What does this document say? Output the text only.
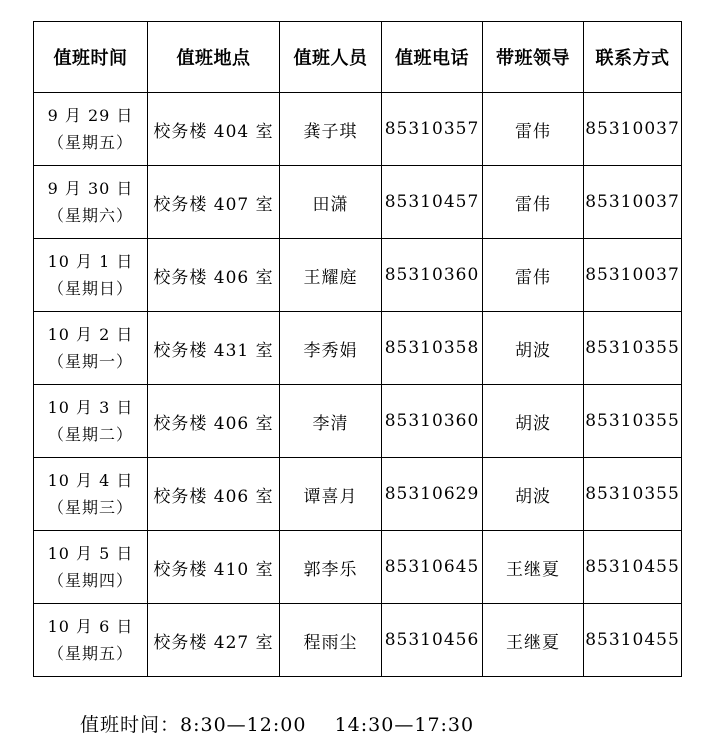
值班时间	值班地点	值班人员	值班电话	带班领导	联系方式

9 月 29 日
（星期五）	校务楼 404 室	龚子琪	85310357	雷伟	85310037

9 月 30 日
（星期六）	校务楼 407 室	田潇	85310457	雷伟	85310037

10 月 1 日
（星期日）	校务楼 406 室	王耀庭	85310360	雷伟	85310037

10 月 2 日
（星期一）	校务楼 431 室	李秀娟	85310358	胡波	85310355

10 月 3 日
（星期二）	校务楼 406 室	李清	85310360	胡波	85310355

10 月 4 日
（星期三）	校务楼 406 室	谭喜月	85310629	胡波	85310355

10 月 5 日
（星期四）	校务楼 410 室	郭李乐	85310645	王继夏	85310455

10 月 6 日
（星期五）	校务楼 427 室	程雨尘	85310456	王继夏	85310455
值班时间：8:30—12:00    14:30—17:30
